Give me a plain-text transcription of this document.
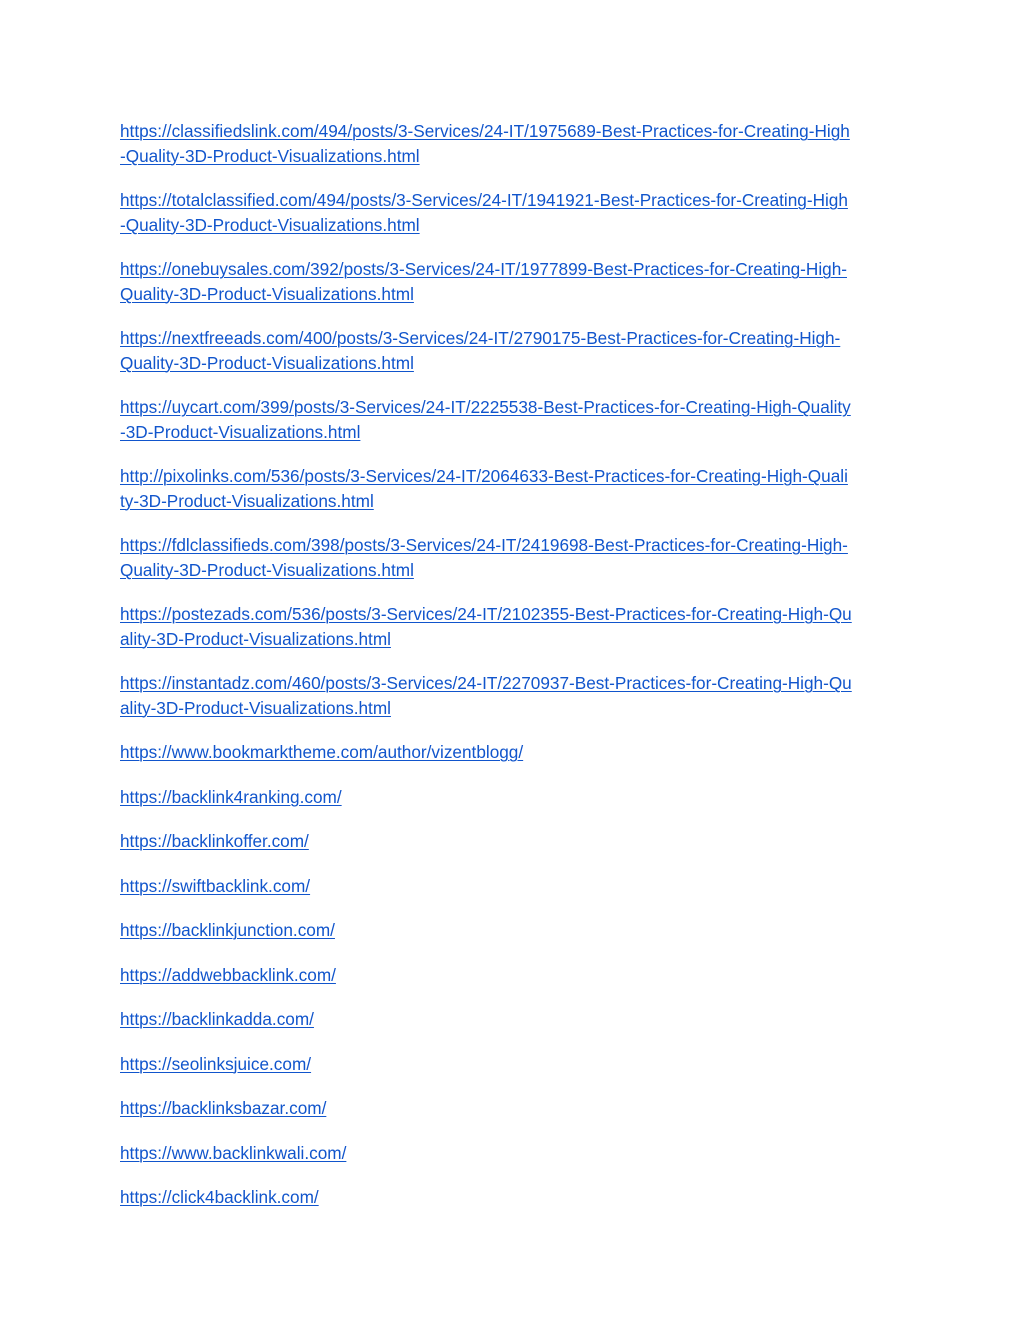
https://classifiedslink.com/494/posts/3-Services/24-IT/1975689-Best-Practices-for-Creating-High
-Quality-3D-Product-Visualizations.html

https://totalclassified.com/494/posts/3-Services/24-IT/1941921-Best-Practices-for-Creating-High
-Quality-3D-Product-Visualizations.html

https://onebuysales.com/392/posts/3-Services/24-IT/1977899-Best-Practices-for-Creating-High-
Quality-3D-Product-Visualizations.html

https://nextfreeads.com/400/posts/3-Services/24-IT/2790175-Best-Practices-for-Creating-High-
Quality-3D-Product-Visualizations.html

https://uycart.com/399/posts/3-Services/24-IT/2225538-Best-Practices-for-Creating-High-Quality
-3D-Product-Visualizations.html

http://pixolinks.com/536/posts/3-Services/24-IT/2064633-Best-Practices-for-Creating-High-Quali
ty-3D-Product-Visualizations.html

https://fdlclassifieds.com/398/posts/3-Services/24-IT/2419698-Best-Practices-for-Creating-High-
Quality-3D-Product-Visualizations.html

https://postezads.com/536/posts/3-Services/24-IT/2102355-Best-Practices-for-Creating-High-Qu
ality-3D-Product-Visualizations.html

https://instantadz.com/460/posts/3-Services/24-IT/2270937-Best-Practices-for-Creating-High-Qu
ality-3D-Product-Visualizations.html

https://www.bookmarktheme.com/author/vizentblogg/

https://backlink4ranking.com/

https://backlinkoffer.com/

https://swiftbacklink.com/

https://backlinkjunction.com/

https://addwebbacklink.com/

https://backlinkadda.com/

https://seolinksjuice.com/

https://backlinksbazar.com/

https://www.backlinkwali.com/

https://click4backlink.com/
